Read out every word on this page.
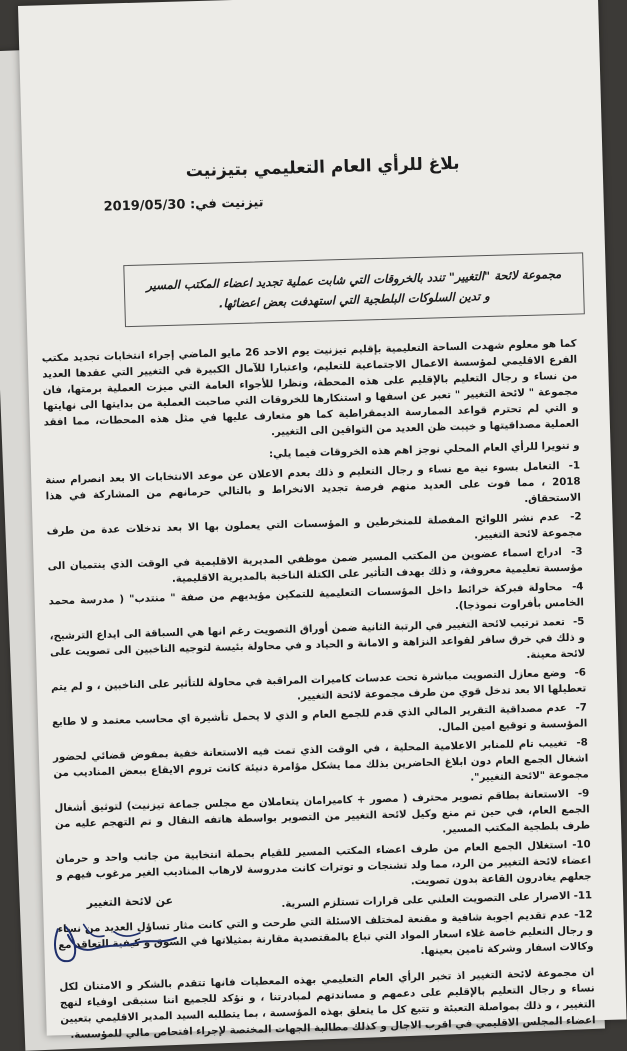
بلاغ للرأي العام التعليمي بتيزنيت
تيزنيت في: 2019/05/30
مجموعة لائحة "التغيير" تندد بالخروقات التي شابت عملية تجديد اعضاء المكتب المسير
و تدين السلوكات البلطجية التي استهدفت بعض اعضائها.

كما هو معلوم شهدت الساحة التعليمية بإقليم تيزنيت يوم الاحد 26 مايو الماضي إجراء انتخابات تجديد مكتب الفرع الاقليمي لمؤسسة الاعمال الاجتماعية للتعليم، واعتبارا للآمال الكبيرة في التغيير التي عقدها العديد من نساء و رجال التعليم بالإقليم على هذه المحطة، ونظرا للأجواء العامة التي ميزت العملية برمتها، فان مجموعة " لائحة التغيير " تعبر عن اسفها و استنكارها للخروقات التي صاحبت العملية من بدايتها الى نهايتها و التي لم تحترم قواعد الممارسة الديمقراطية كما هو متعارف عليها في مثل هذه المحطات، مما افقد العملية مصداقيتها و خيبت ظن العديد من التواقين الى التغيير.

و تنويرا للرأي العام المحلي نوجز اهم هذه الخروقات فيما يلي:

1- التعامل بسوء نية مع نساء و رجال التعليم و ذلك بعدم الاعلان عن موعد الانتخابات الا بعد انصرام سنة 2018 ، مما فوت على العديد منهم فرصة تجديد الانخراط و بالتالي حرمانهم من المشاركة في هذا الاستحقاق.
2- عدم نشر اللوائح المفصلة للمنخرطين و المؤسسات التي يعملون بها الا بعد تدخلات عدة من طرف مجموعة لائحة التغيير.
3- ادراج اسماء عضوين من المكتب المسير ضمن موظفي المديرية الاقليمية في الوقت الذي ينتميان الى مؤسسة تعليمية معروفة، و ذلك بهدف التأثير على الكتلة الناخبة بالمديرية الاقليمية.
4- محاولة فبركة خرائط داخل المؤسسات التعليمية للتمكين مؤيديهم من صفة " منتدب" ( مدرسة محمد الخامس بأفراوت نموذجا).
5- تعمد ترتيب لائحة التغيير في الرتبة الثانية ضمن أوراق التصويت رغم انها هي السباقة الى ايداع الترشيح، و ذلك في خرق سافر لقواعد النزاهة و الامانة و الحياد و في محاولة بئيسة لتوجيه الناخبين الى تصويت على لائحة معينة.
6- وضع معازل التصويت مباشرة تحت عدسات كاميرات المراقبة في محاولة للتأثير على الناخبين ، و لم يتم تعطيلها الا بعد تدخل قوي من طرف مجموعة لائحة التغيير.
7- عدم مصداقية التقرير المالي الذي قدم للجمع العام و الذي لا يحمل تأشيرة اي محاسب معتمد و لا طابع المؤسسة و توقيع امين المال.
8- تغييب تام للمنابر الاعلامية المحلية ، في الوقت الذي تمت فيه الاستعانة خفية بمفوض قضائي لحضور اشغال الجمع العام دون ابلاغ الحاضرين بذلك مما يشكل مؤامرة دنيئة كانت تروم الايقاع ببعض المناديب من مجموعة "لائحة التغيير".
9- الاستعانة بطاقم تصوير محترف ( مصور + كاميرامان يتعاملان مع مجلس جماعة تيزنيت) لتوثيق أشغال الجمع العام، في حين تم منع وكيل لائحة التغيير من التصوير بواسطة هاتفه النقال و تم التهجم عليه من طرف بلطجية المكتب المسير.
10- استغلال الجمع العام من طرف اعضاء المكتب المسير للقيام بحملة انتخابية من جانب واحد و حرمان اعضاء لائحة التغيير من الرد، مما ولد تشنجات و توترات كانت مدروسة لارهاب المناديب الغير مرغوب فيهم و جعلهم يغادرون القاعة بدون تصويت.
11- الاصرار على التصويت العلني على قرارات تستلزم السرية.
12- عدم تقديم اجوبة شافية و مقنعة لمختلف الاسئلة التي طرحت و التي كانت مثار تساؤل العديد من نساء و رجال التعليم خاصة غلاء اسعار المواد التي تباع بالمقتصدية مقارنة بمثيلاتها في السوق و كيفية التعاقد مع وكالات اسفار وشركة تامين بعينها.

ان مجموعة لائحة التغيير اذ تخبر الرأي العام التعليمي بهذه المعطيات فانها تتقدم بالشكر و الامتنان لكل نساء و رجال التعليم بالإقليم على دعمهم و مساندتهم لمبادرتنا ، و نؤكد للجميع اننا سنبقى اوفياء لنهج التغيير ، و ذلك بمواصلة التعبئة و تتبع كل ما يتعلق بهذه المؤسسة ، بما يتطلبه السيد المدير الاقليمي بتعيين اعضاء المجلس الاقليمي في اقرب الاجال و كذلك مطالبة الجهات المختصة لإجراء افتحاص مالي للمؤسسة.

عن لائحة التغيير
